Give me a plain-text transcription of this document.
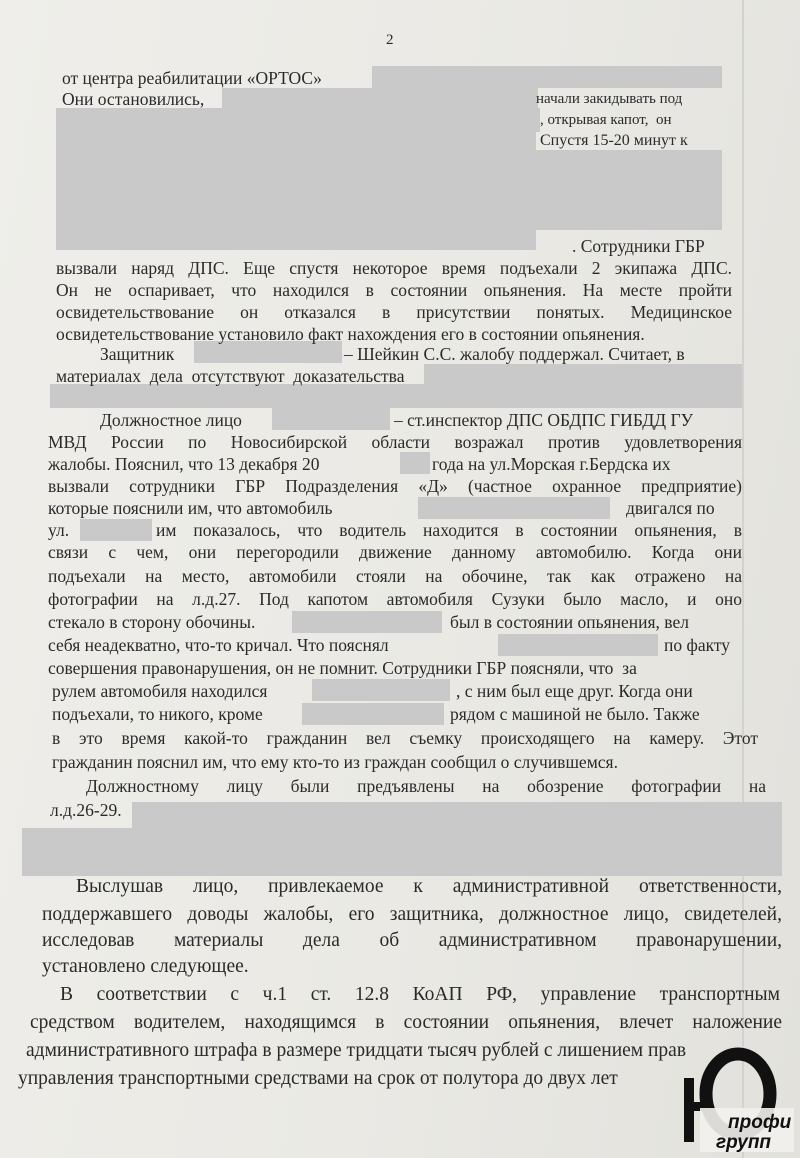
2
от центра реабилитации «ОРТОС»
Они остановились,	начали закидывать под
, открывая капот,  он
Спустя 15-20 минут к
. Сотрудники ГБР
вызвали наряд ДПС. Еще спустя некоторое время подъехали 2 экипажа ДПС.
Он не оспаривает, что находился в состоянии опьянения. На месте пройти
освидетельствование он отказался в присутствии понятых. Медицинское
освидетельствование установило факт нахождения его в состоянии опьянения.
Защитник	– Шейкин С.С. жалобу поддержал. Считает, в
материалах  дела  отсутствуют  доказательства
Должностное лицо	– ст.инспектор ДПС ОБДПС ГИБДД ГУ
МВД России по Новосибирской области возражал против удовлетворения
жалобы. Пояснил, что 13 декабря 20	года на ул.Морская г.Бердска их
вызвали сотрудники ГБР Подразделения «Д» (частное охранное предприятие)
которые пояснили им, что автомобиль	двигался по
ул.	им показалось, что водитель находится в состоянии опьянения, в
связи с чем, они перегородили движение данному автомобилю. Когда они
подъехали на место, автомобили стояли на обочине, так как отражено на
фотографии на л.д.27. Под капотом автомобиля Сузуки было масло, и оно
стекало в сторону обочины.	был в состоянии опьянения, вел
себя неадекватно, что-то кричал. Что пояснял	по факту
совершения правонарушения, он не помнит. Сотрудники ГБР поясняли, что  за
рулем автомобиля находился	, с ним был еще друг. Когда они
подъехали, то никого, кроме	рядом с машиной не было. Также
в это время какой-то гражданин вел съемку происходящего на камеру. Этот
гражданин пояснил им, что ему кто-то из граждан сообщил о случившемся.
Должностному лицу были предъявлены на обозрение фотографии на
л.д.26-29.
Выслушав лицо, привлекаемое к административной ответственности,
поддержавшего доводы жалобы, его защитника, должностное лицо, свидетелей,
исследовав материалы дела об административном правонарушении,
установлено следующее.
В соответствии с ч.1 ст. 12.8 КоАП РФ, управление транспортным
средством водителем, находящимся в состоянии опьянения, влечет наложение
административного штрафа в размере тридцати тысяч рублей с лишением прав
управления транспортными средствами на срок от полутора до двух лет
профи
групп
